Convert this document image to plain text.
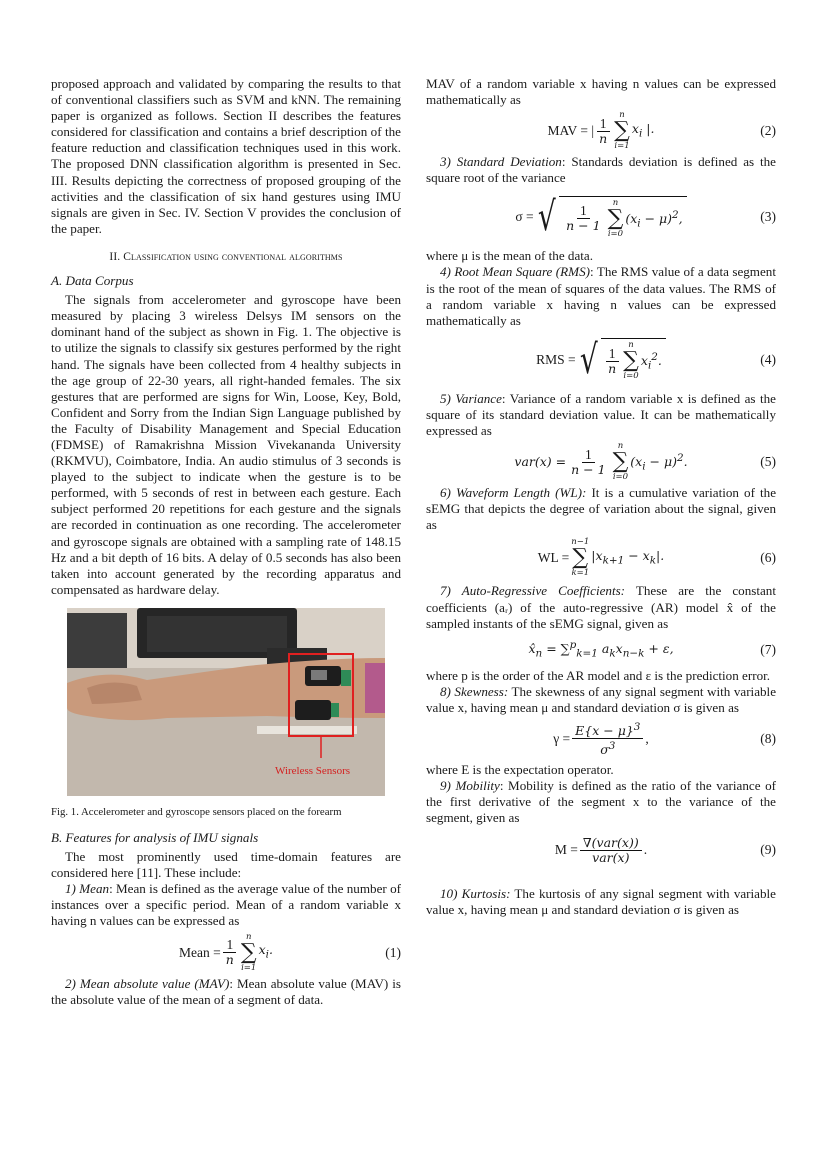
proposed approach and validated by comparing the results to that of conventional classifiers such as SVM and kNN. The remaining paper is organized as follows. Section II describes the features considered for classification and contains a brief description of the feature reduction and classification techniques used in this work. The proposed DNN classification algorithm is presented in Sec. III. Results depicting the correctness of proposed grouping of the activities and the classification of six hand gestures using IMU signals are given in Sec. IV. Section V provides the conclusion of the paper.

II. Classification using conventional algorithms
A. Data Corpus

The signals from accelerometer and gyroscope have been measured by placing 3 wireless Delsys IM sensors on the dominant hand of the subject as shown in Fig. 1. The objective is to utilize the signals to classify six gestures performed by the right hand. The signals have been collected from 4 healthy subjects in the age group of 22-30 years, all right-handed females. The six gestures that are performed are signs for Win, Loose, Key, Bold, Confident and Sorry from the Indian Sign Language published by the Faculty of Disability Management and Special Education (FDMSE) of Ramakrishna Mission Vivekananda University (RKMVU), Coimbatore, India. An audio stimulus of 3 seconds is played to the subject to indicate when the gesture is to be performed, with 5 seconds of rest in between each gesture. Each subject performed 20 repetitions for each gesture and the signals are recorded in continuation as one recording. The accelerometer and gyroscope signals are obtained with a sampling rate of 148.15 Hz and a bit depth of 16 bits. A delay of 0.5 seconds has also been taken into account generated by the recording apparatus and compensated as hardware delay.

Wireless Sensors
Fig. 1. Accelerometer and gyroscope sensors placed on the forearm
B. Features for analysis of IMU signals

The most prominently used time-domain features are considered here [11]. These include:

1) Mean: Mean is defined as the average value of the number of instances over a specific period. Mean of a random variable x having n values can be expressed as

Mean = $\frac{1}{n}$
n
∑
i=1
$x_i$.	(1)

2) Mean absolute value (MAV): Mean absolute value (MAV) is the absolute value of the mean of a segment of data.

MAV of a random variable x having n values can be expressed mathematically as

MAV = | $\frac{1}{n}$
n
∑
i=1
$x_i$ |.	(2)

3) Standard Deviation: Standards deviation is defined as the square root of the variance

σ = √ $\frac{1}{n - 1}$
n
∑
i=0
$(x_i - \mu)^2$,	(3)

where μ is the mean of the data.

4) Root Mean Square (RMS): The RMS value of a data segment is the root of the mean of squares of the data values. The RMS of a random variable x having n values can be expressed mathematically as

RMS = √ $\frac{1}{n}$
n
∑
i=0
$x_i^2$.	(4)

5) Variance: Variance of a random variable x is defined as the square of its standard deviation value. It can be mathematically expressed as

$var(x) = \frac{1}{n - 1}$
n
∑
i=0
$(x_i - \mu)^2$.	(5)

6) Waveform Length (WL): It is a cumulative variation of the sEMG that depicts the degree of variation about the signal, given as

WL =
n−1
∑
k=1
$|x_{k+1} - x_k|$.	(6)

7) Auto-Regressive Coefficients: These are the constant coefficients (aᵣ) of the auto-regressive (AR) model x̂ of the sampled instants of the sEMG signal, given as

$x̂_n = \sum^p_{k=1}$ $a_kx_{n-k} + \varepsilon$,	(7)

where p is the order of the AR model and ε is the prediction error.

8) Skewness: The skewness of any signal segment with variable value x, having mean μ and standard deviation σ is given as

$\gamma = \frac{E\{x - \mu\}^3}{\sigma^3}$ ,	(8)

where E is the expectation operator.

9) Mobility: Mobility is defined as the ratio of the variance of the first derivative of the segment x to the variance of the segment, given as

$M = \frac{\text{∇(var(x))}}{\text{var(x)}}$ .	(9)

10) Kurtosis: The kurtosis of any signal segment with variable value x, having mean μ and standard deviation σ is given as
